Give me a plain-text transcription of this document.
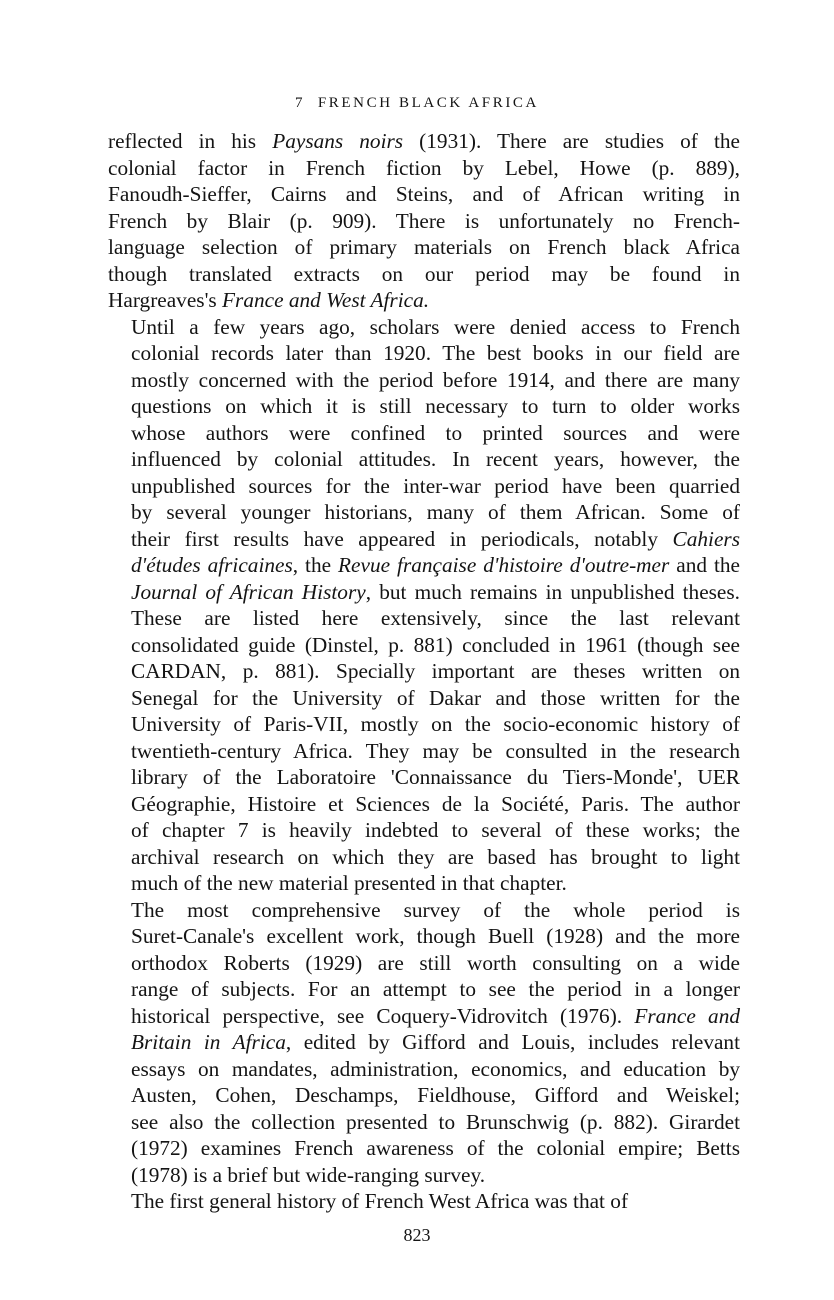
7 FRENCH BLACK AFRICA

reflected in his Paysans noirs (1931). There are studies of the
colonial factor in French fiction by Lebel, Howe (p. 889),
Fanoudh-Sieffer, Cairns and Steins, and of African writing in
French by Blair (p. 909). There is unfortunately no French-
language selection of primary materials on French black Africa
though translated extracts on our period may be found in
Hargreaves's France and West Africa.

Until a few years ago, scholars were denied access to French
colonial records later than 1920. The best books in our field are
mostly concerned with the period before 1914, and there are many
questions on which it is still necessary to turn to older works
whose authors were confined to printed sources and were
influenced by colonial attitudes. In recent years, however, the
unpublished sources for the inter-war period have been quarried
by several younger historians, many of them African. Some of
their first results have appeared in periodicals, notably Cahiers
d'études africaines, the Revue française d'histoire d'outre-mer and the
Journal of African History, but much remains in unpublished theses.
These are listed here extensively, since the last relevant
consolidated guide (Dinstel, p. 881) concluded in 1961 (though see
CARDAN, p. 881). Specially important are theses written on
Senegal for the University of Dakar and those written for the
University of Paris-VII, mostly on the socio-economic history of
twentieth-century Africa. They may be consulted in the research
library of the Laboratoire 'Connaissance du Tiers-Monde', UER
Géographie, Histoire et Sciences de la Société, Paris. The author
of chapter 7 is heavily indebted to several of these works; the
archival research on which they are based has brought to light
much of the new material presented in that chapter.

The most comprehensive survey of the whole period is
Suret-Canale's excellent work, though Buell (1928) and the more
orthodox Roberts (1929) are still worth consulting on a wide
range of subjects. For an attempt to see the period in a longer
historical perspective, see Coquery-Vidrovitch (1976). France and
Britain in Africa, edited by Gifford and Louis, includes relevant
essays on mandates, administration, economics, and education by
Austen, Cohen, Deschamps, Fieldhouse, Gifford and Weiskel;
see also the collection presented to Brunschwig (p. 882). Girardet
(1972) examines French awareness of the colonial empire; Betts
(1978) is a brief but wide-ranging survey.

The first general history of French West Africa was that of

823
